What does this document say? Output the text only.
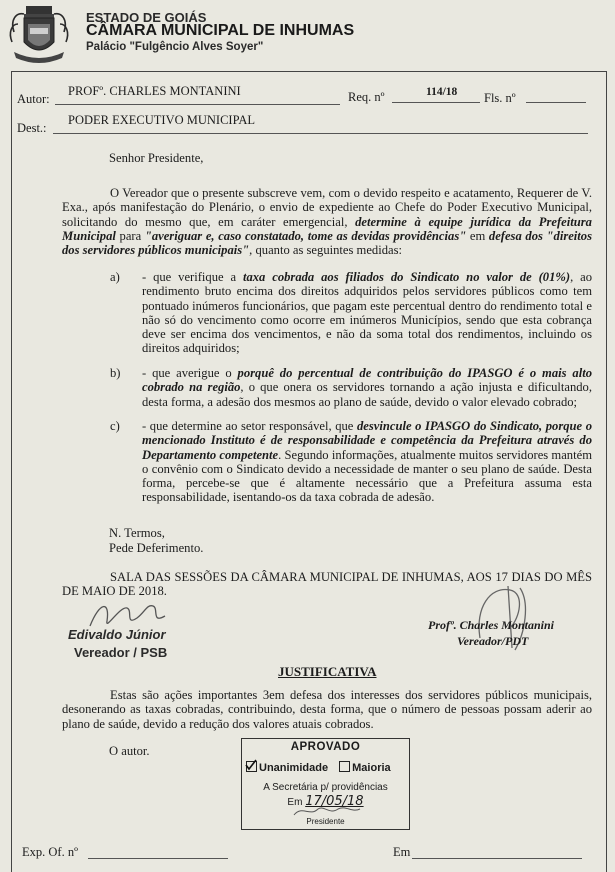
ESTADO DE GOIÁS
CÂMARA MUNICIPAL DE INHUMAS
Palácio "Fulgêncio Alves Soyer"
Autor:
PROFº. CHARLES MONTANINI	Req. nº	114/18 Fls. nº
Dest.:
PODER EXECUTIVO MUNICIPAL
Senhor Presidente,
O Vereador que o presente subscreve vem, com o devido respeito e acatamento, Requerer de V. Exa., após manifestação do Plenário, o envio de expediente ao Chefe do Poder Executivo Municipal, solicitando do mesmo que, em caráter emergencial, determine à equipe jurídica da Prefeitura Municipal para "averiguar e, caso constatado, tome as devidas providências" em defesa dos "direitos dos servidores públicos municipais", quanto as seguintes medidas:
a) - que verifique a taxa cobrada aos filiados do Sindicato no valor de (01%), ao rendimento bruto encima dos direitos adquiridos pelos servidores públicos como tem pontuado inúmeros funcionários, que pagam este percentual dentro do rendimento total e não só do vencimento como ocorre em inúmeros Municípios, sendo que esta cobrança deve ser encima dos vencimentos, e não da soma total dos rendimentos, incluindo os direitos adquiridos;
b) - que averigue o porquê do percentual de contribuição do IPASGO é o mais alto cobrado na região, o que onera os servidores tornando a ação injusta e dificultando, desta forma, a adesão dos mesmos ao plano de saúde, devido o valor elevado cobrado;
c) - que determine ao setor responsável, que desvincule o IPASGO do Sindicato, porque o mencionado Instituto é de responsabilidade e competência da Prefeitura através do Departamento competente. Segundo informações, atualmente muitos servidores mantém o convênio com o Sindicato devido a necessidade de manter o seu plano de saúde. Desta forma, percebe-se que é altamente necessário que a Prefeitura assuma esta responsabilidade, isentando-os da taxa cobrada de adesão.
N. Termos,
Pede Deferimento.
SALA DAS SESSÕES DA CÂMARA MUNICIPAL DE INHUMAS, AOS 17 DIAS DO MÊS DE MAIO DE 2018.
Edivaldo Júnior
Vereador / PSB
Profº. Charles Montanini
Vereador/PDT
JUSTIFICATIVA
Estas são ações importantes 3em defesa dos interesses dos servidores públicos municipais, desonerando as taxas cobradas, contribuindo, desta forma, que o número de pessoas possam aderir ao plano de saúde, devido a redução dos valores atuais cobrados.
O autor.	APROVADO
Unanimidade Maioria
A Secretária p/ providências
Em 17/05/18
Presidente
Exp. Of. nº	Em
